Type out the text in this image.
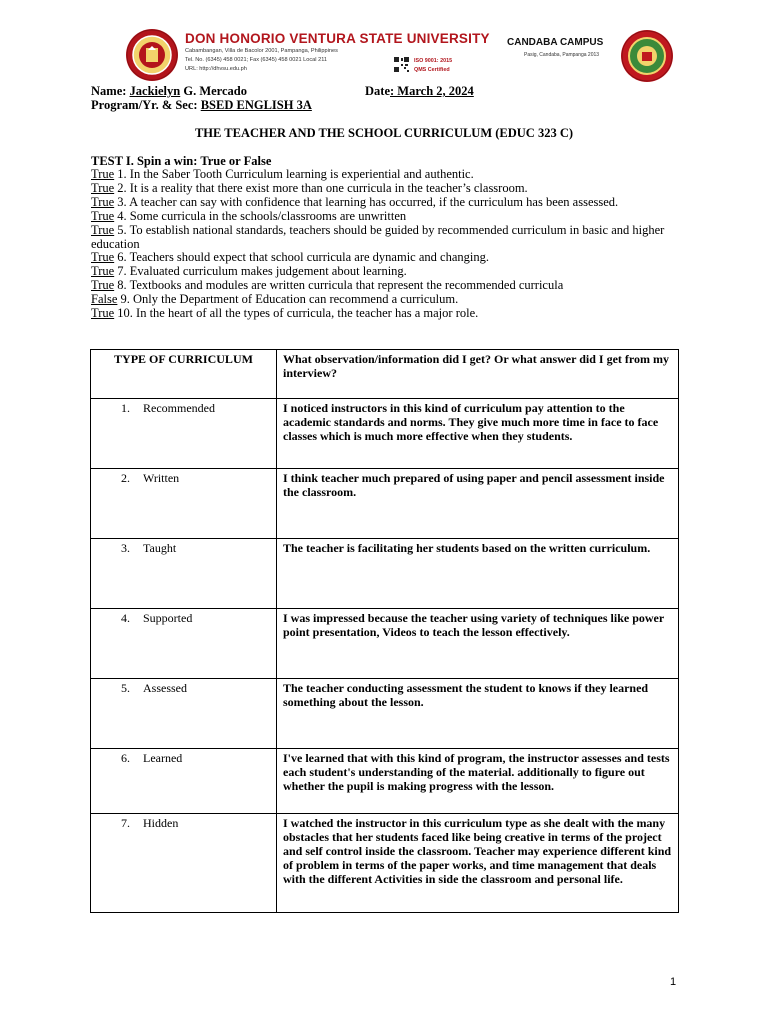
DON HONORIO VENTURA STATE UNIVERSITY
Cabambangan, Villa de Bacolor 2001, Pampanga, Philippines
Tel. No. (6345) 458 0021; Fax (6345) 458 0021 Local 211
URL: http://dhvsu.edu.ph
ISO 9001: 2015
QMS Certified
CANDABA CAMPUS
Pasig, Candaba, Pampanga 2013
Name: Jackielyn G. Mercado	Date: March 2, 2024
Program/Yr. & Sec: BSED ENGLISH 3A
THE TEACHER AND THE SCHOOL CURRICULUM (EDUC 323 C)
TEST I. Spin a win: True or False

True 1. In the Saber Tooth Curriculum learning is experiential and authentic.

True 2. It is a reality that there exist more than one curricula in the teacher’s classroom.

True 3. A teacher can say with confidence that learning has occurred, if the curriculum has been assessed.

True 4. Some curricula in the schools/classrooms are unwritten

True 5. To establish national standards, teachers should be guided by recommended curriculum in basic and higher education

True 6. Teachers should expect that school curricula are dynamic and changing.

True 7. Evaluated curriculum makes judgement about learning.

True 8. Textbooks and modules are written curricula that represent the recommended curricula

False 9. Only the Department of Education can recommend a curriculum.

True 10. In the heart of all the types of curricula, the teacher has a major role.

TYPE OF CURRICULUM	What observation/information did I get? Or what answer did I get from my interview?
1. Recommended	I noticed instructors in this kind of curriculum pay attention to the academic standards and norms. They give much more time in face to face classes which is much more effective when they students.
2. Written	I think teacher much prepared of using paper and pencil assessment inside the classroom.
3. Taught	The teacher is facilitating her students based on the written curriculum.
4. Supported	I was impressed because the teacher using variety of techniques like power point presentation, Videos to teach the lesson effectively.
5. Assessed	The teacher conducting assessment the student to knows if they learned something about the lesson.
6. Learned	I've learned that with this kind of program, the instructor assesses and tests each student's understanding of the material. additionally to figure out whether the pupil is making progress with the lesson.
7. Hidden	I watched the instructor in this curriculum type as she dealt with the many obstacles that her students faced like being creative in terms of the project and self control inside the classroom. Teacher may experience different kind of problem in terms of the paper works, and time management that deals with the different Activities in side the classroom and personal life.
1
